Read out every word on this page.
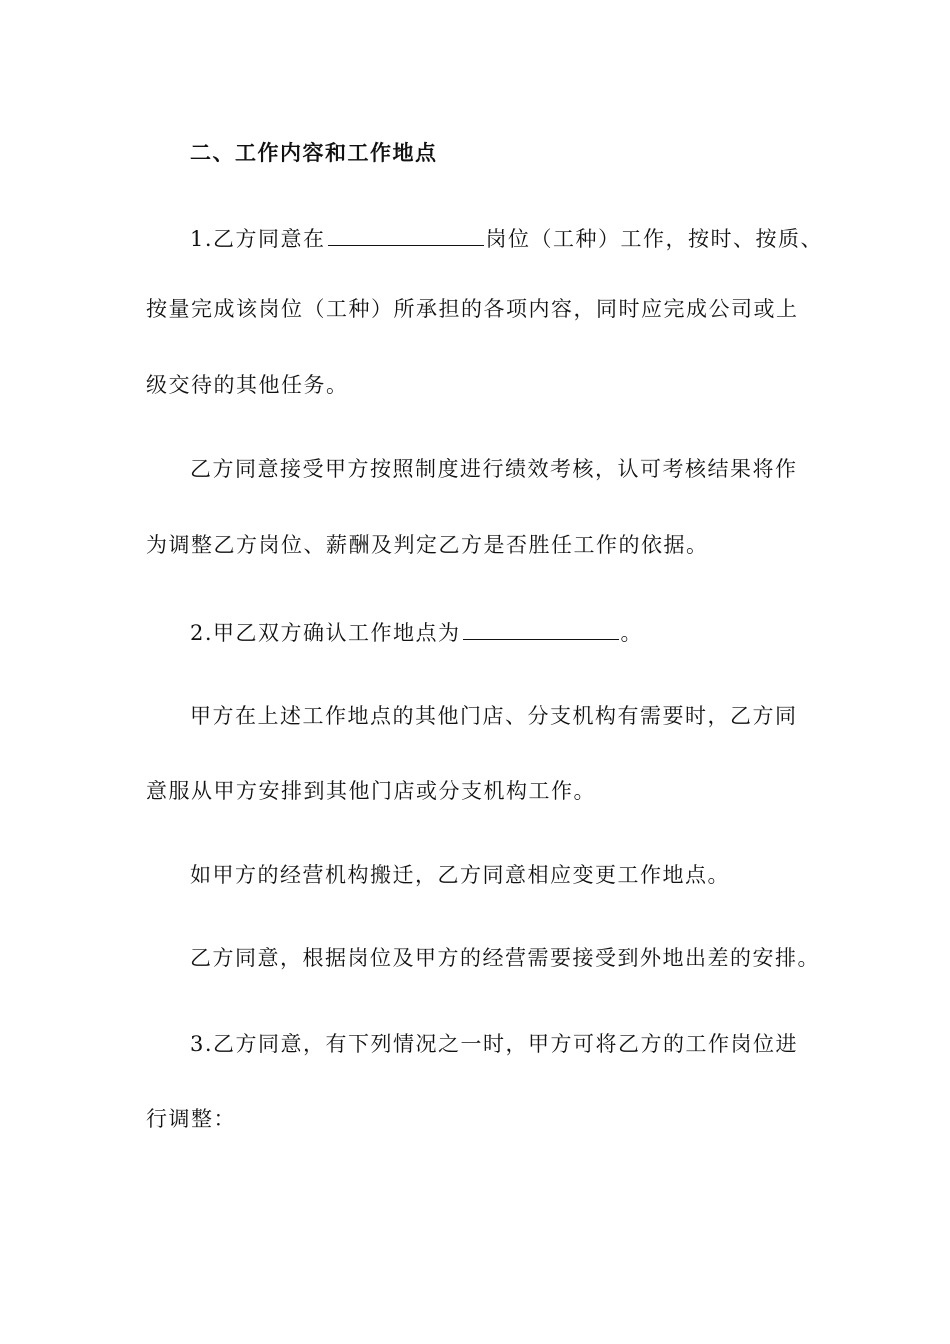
二、工作内容和工作地点
1.乙方同意在	岗位（工种）工作，按时、按质、
按量完成该岗位（工种）所承担的各项内容，同时应完成公司或上
级交待的其他任务。
乙方同意接受甲方按照制度进行绩效考核，认可考核结果将作
为调整乙方岗位、薪酬及判定乙方是否胜任工作的依据。
2.甲乙双方确认工作地点为	。
甲方在上述工作地点的其他门店、分支机构有需要时，乙方同
意服从甲方安排到其他门店或分支机构工作。
如甲方的经营机构搬迁，乙方同意相应变更工作地点。
乙方同意，根据岗位及甲方的经营需要接受到外地出差的安排。
3.乙方同意，有下列情况之一时，甲方可将乙方的工作岗位进
行调整：
